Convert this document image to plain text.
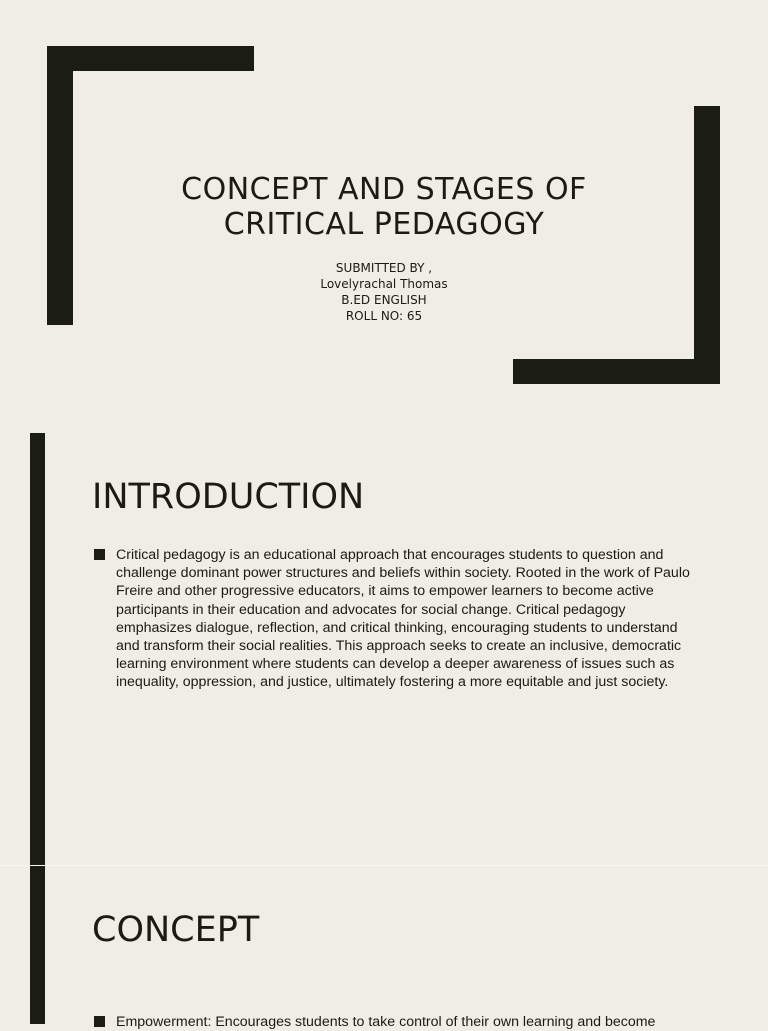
CONCEPT AND STAGES OF
CRITICAL PEDAGOGY
SUBMITTED BY ,
Lovelyrachal Thomas
B.ED ENGLISH
ROLL NO: 65
INTRODUCTION
Critical pedagogy is an educational approach that encourages students to question and challenge dominant power structures and beliefs within society. Rooted in the work of Paulo Freire and other progressive educators, it aims to empower learners to become active participants in their education and advocates for social change. Critical pedagogy emphasizes dialogue, reflection, and critical thinking, encouraging students to understand and transform their social realities. This approach seeks to create an inclusive, democratic learning environment where students can develop a deeper awareness of issues such as inequality, oppression, and justice, ultimately fostering a more equitable and just society.
CONCEPT
Empowerment: Encourages students to take control of their own learning and become
